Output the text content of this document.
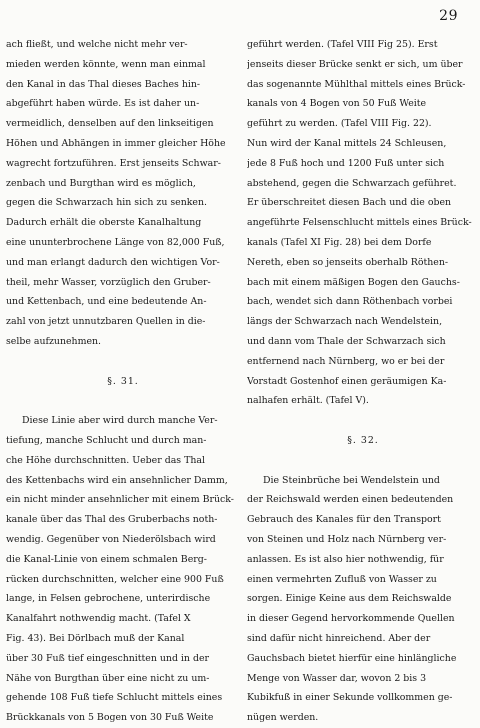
29
ach fließt, und welche nicht mehr ver-
mieden werden könnte, wenn man einmal
den Kanal in das Thal dieses Baches hin-
abgeführt haben würde. Es ist daher un-
vermeidlich, denselben auf den linkseitigen
Höhen und Abhängen in immer gleicher Höhe
wagrecht fortzuführen. Erst jenseits Schwar-
zenbach und Burgthan wird es möglich,
gegen die Schwarzach hin sich zu senken.
Dadurch erhält die oberste Kanalhaltung
eine ununterbrochene Länge von 82,000 Fuß,
und man erlangt dadurch den wichtigen Vor-
theil, mehr Wasser, vorzüglich den Gruber-
und Kettenbach, und eine bedeutende An-
zahl von jetzt unnutzbaren Quellen in die-
selbe aufzunehmen.
§. 31.
Diese Linie aber wird durch manche Ver-
tiefung, manche Schlucht und durch man-
che Höhe durchschnitten. Ueber das Thal
des Kettenbachs wird ein ansehnlicher Damm,
ein nicht minder ansehnlicher mit einem Brück-
kanale über das Thal des Gruberbachs noth-
wendig. Gegenüber von Niederölsbach wird
die Kanal-Linie von einem schmalen Berg-
rücken durchschnitten, welcher eine 900 Fuß
lange, in Felsen gebrochene, unterirdische
Kanalfahrt nothwendig macht. (Tafel X
Fig. 43). Bei Dörlbach muß der Kanal
über 30 Fuß tief eingeschnitten und in der
Nähe von Burgthan über eine nicht zu um-
gehende 108 Fuß tiefe Schlucht mittels eines
Brückkanals von 5 Bogen von 30 Fuß Weite
geführt werden. (Tafel VIII Fig 25). Erst
jenseits dieser Brücke senkt er sich, um über
das sogenannte Mühlthal mittels eines Brück-
kanals von 4 Bogen von 50 Fuß Weite
geführt zu werden. (Tafel VIII Fig. 22).
Nun wird der Kanal mittels 24 Schleusen,
jede 8 Fuß hoch und 1200 Fuß unter sich
abstehend, gegen die Schwarzach geführet.
Er überschreitet diesen Bach und die oben
angeführte Felsenschlucht mittels eines Brück-
kanals (Tafel XI Fig. 28) bei dem Dorfe
Nereth, eben so jenseits oberhalb Röthen-
bach mit einem mäßigen Bogen den Gauchs-
bach, wendet sich dann Röthenbach vorbei
längs der Schwarzach nach Wendelstein,
und dann vom Thale der Schwarzach sich
entfernend nach Nürnberg, wo er bei der
Vorstadt Gostenhof einen geräumigen Ka-
nalhafen erhält. (Tafel V).
§. 32.
Die Steinbrüche bei Wendelstein und
der Reichswald werden einen bedeutenden
Gebrauch des Kanales für den Transport
von Steinen und Holz nach Nürnberg ver-
anlassen. Es ist also hier nothwendig, für
einen vermehrten Zufluß von Wasser zu
sorgen. Einige Keine aus dem Reichswalde
in dieser Gegend hervorkommende Quellen
sind dafür nicht hinreichend. Aber der
Gauchsbach bietet hierfür eine hinlängliche
Menge von Wasser dar, wovon 2 bis 3
Kubikfuß in einer Sekunde vollkommen ge-
nügen werden.
